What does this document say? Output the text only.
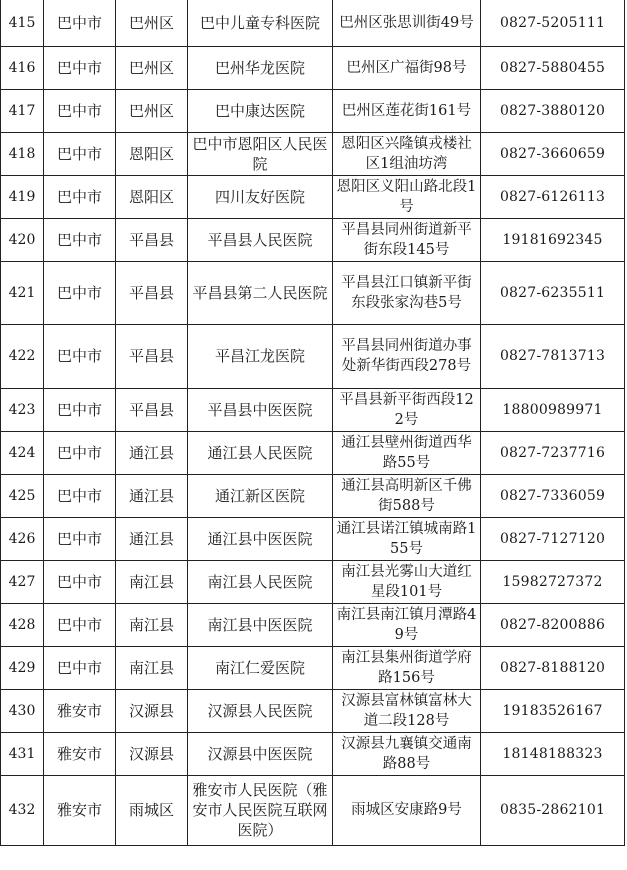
415	巴中市	巴州区	巴中儿童专科医院	巴州区张思训街49号	0827-5205111
416	巴中市	巴州区	巴州华龙医院	巴州区广福街98号	0827-5880455
417	巴中市	巴州区	巴中康达医院	巴州区莲花街161号	0827-3880120
418	巴中市	恩阳区	巴中市恩阳区人民医院	恩阳区兴隆镇戎楼社区1组油坊湾	0827-3660659
419	巴中市	恩阳区	四川友好医院	恩阳区义阳山路北段1号	0827-6126113
420	巴中市	平昌县	平昌县人民医院	平昌县同州街道新平街东段145号	19181692345
421	巴中市	平昌县	平昌县第二人民医院	平昌县江口镇新平街东段张家沟巷5号	0827-6235511
422	巴中市	平昌县	平昌江龙医院	平昌县同州街道办事处新华街西段278号	0827-7813713
423	巴中市	平昌县	平昌县中医医院	平昌县新平街西段122号	18800989971
424	巴中市	通江县	通江县人民医院	通江县壁州街道西华路55号	0827-7237716
425	巴中市	通江县	通江新区医院	通江县高明新区千佛街588号	0827-7336059
426	巴中市	通江县	通江县中医医院	通江县诺江镇城南路155号	0827-7127120
427	巴中市	南江县	南江县人民医院	南江县光雾山大道红星段101号	15982727372
428	巴中市	南江县	南江县中医医院	南江县南江镇月潭路49号	0827-8200886
429	巴中市	南江县	南江仁爱医院	南江县集州街道学府路156号	0827-8188120
430	雅安市	汉源县	汉源县人民医院	汉源县富林镇富林大道二段128号	19183526167
431	雅安市	汉源县	汉源县中医医院	汉源县九襄镇交通南路88号	18148188323
432	雅安市	雨城区	雅安市人民医院（雅安市人民医院互联网医院）	雨城区安康路9号	0835-2862101
